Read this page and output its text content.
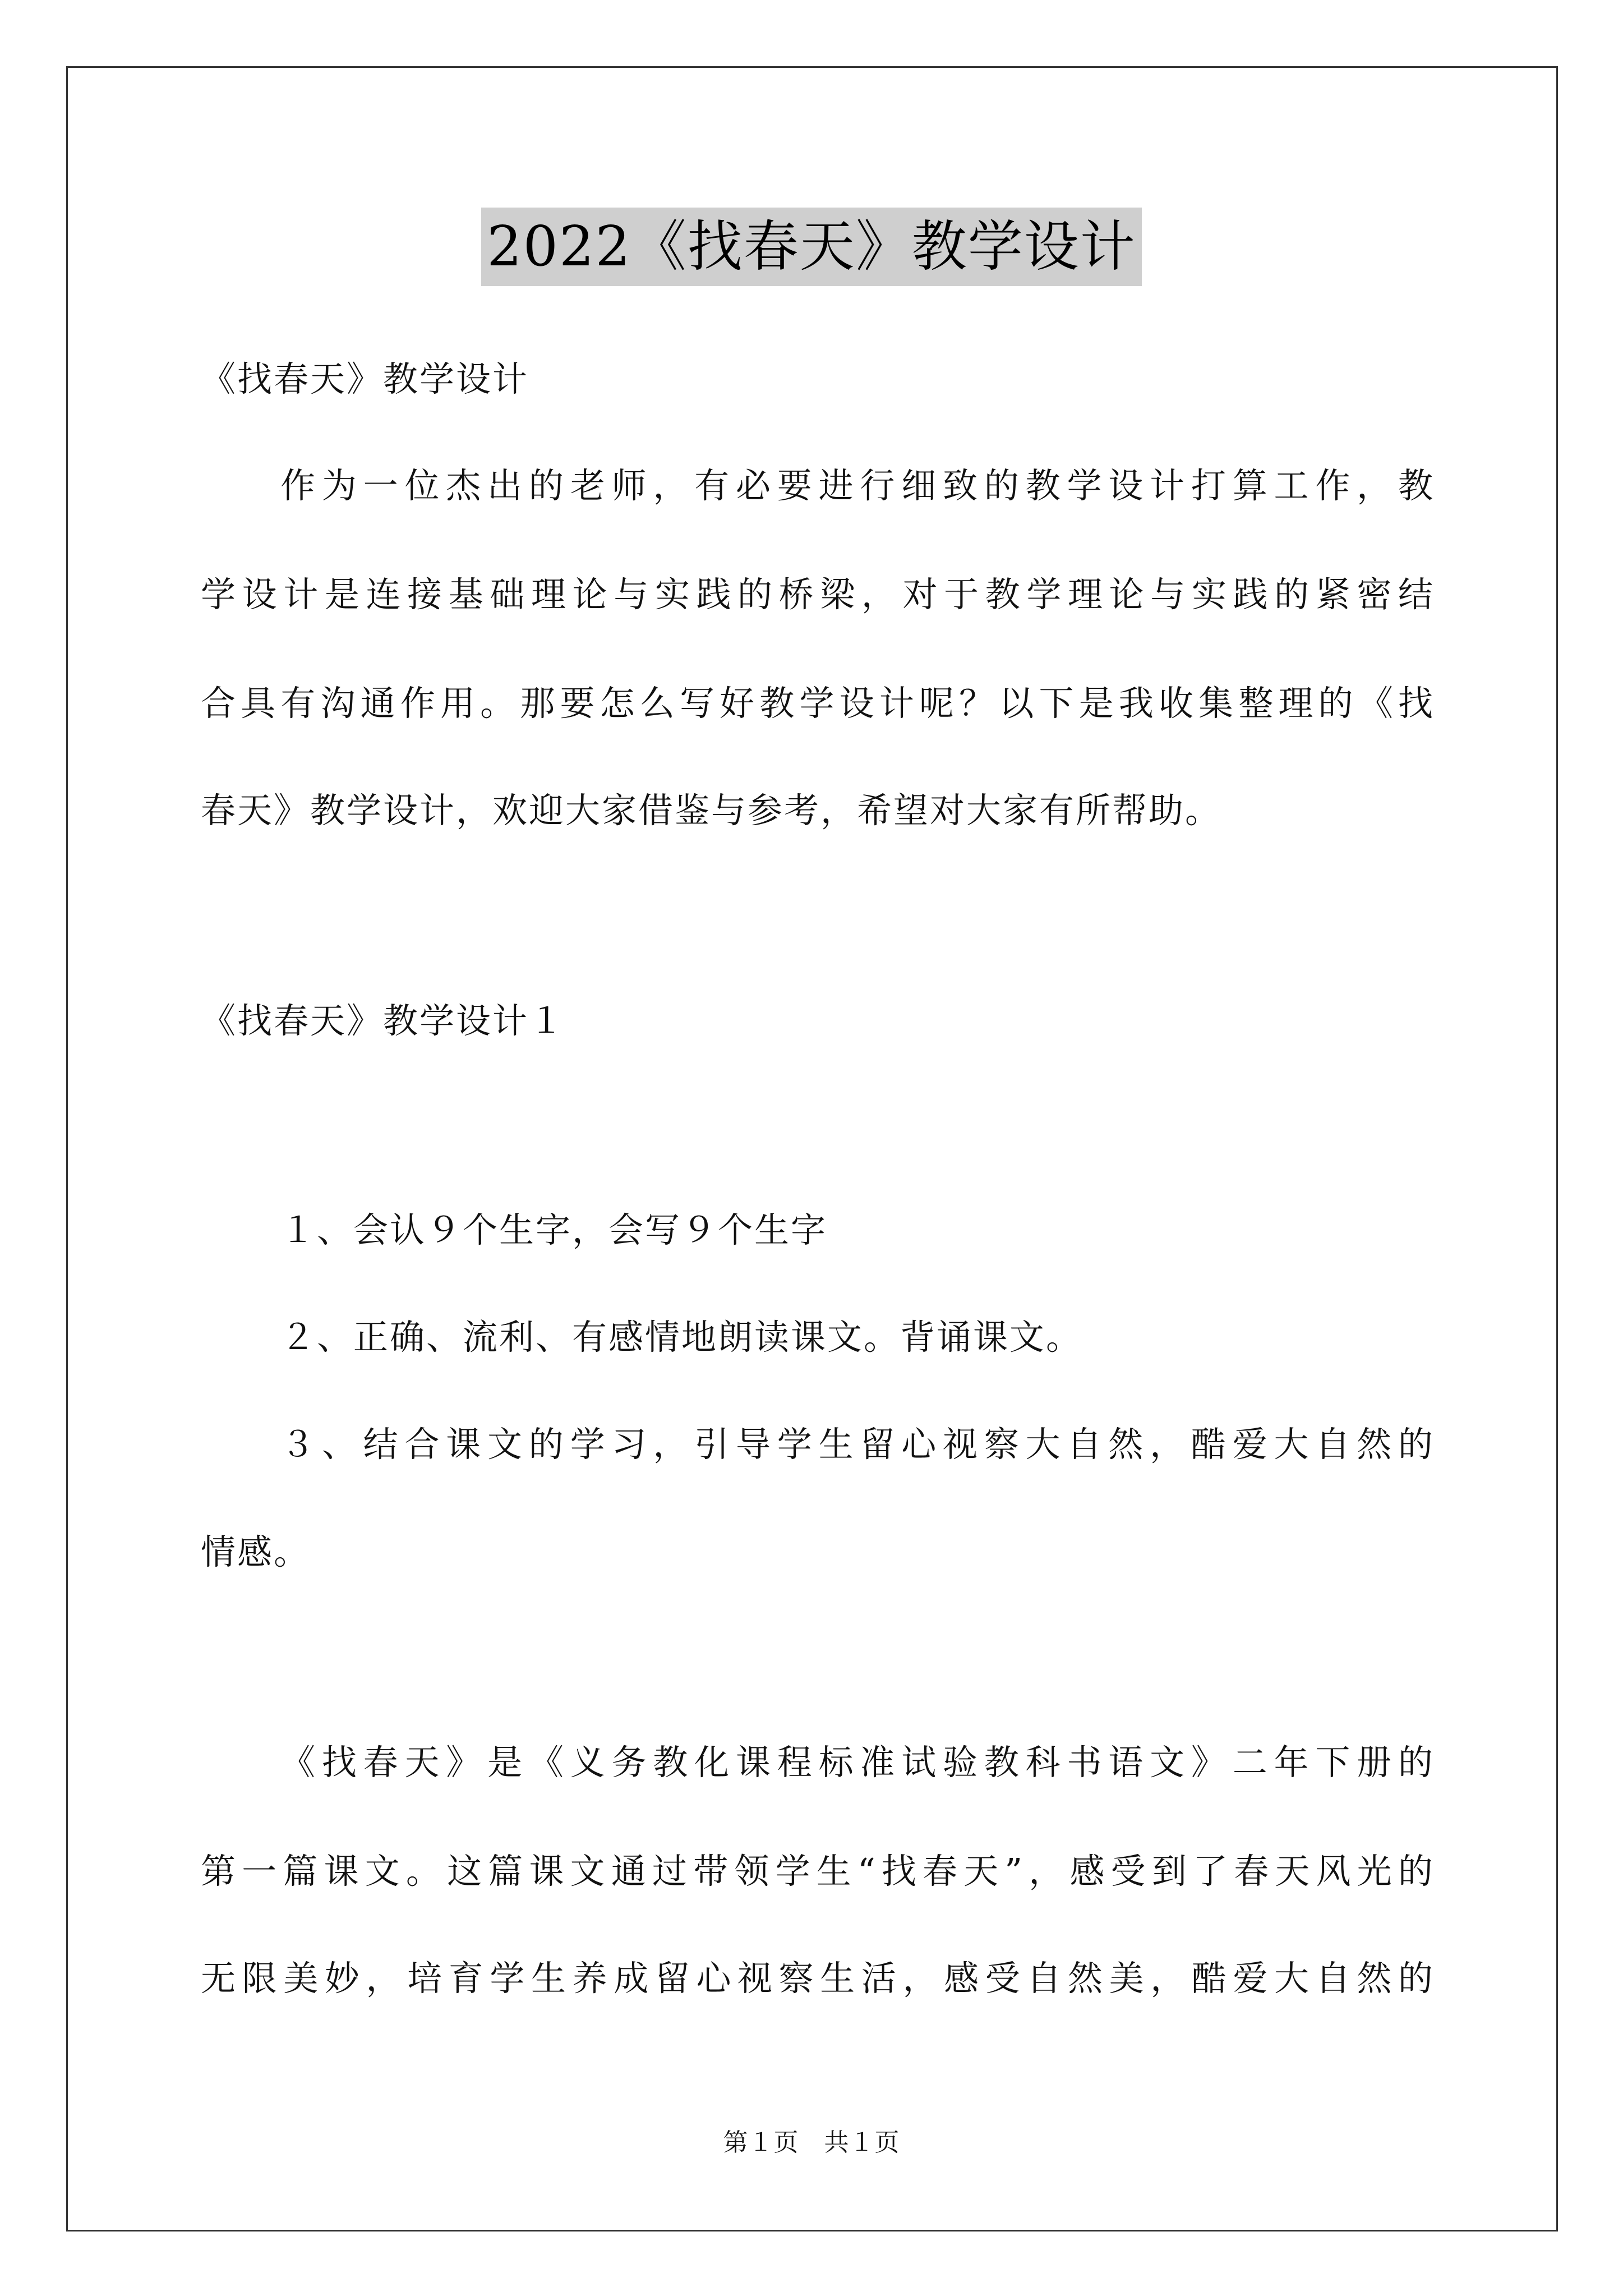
2022《找春天》教学设计
《找春天》教学设计
作为一位杰出的老师，有必要进行细致的教学设计打算工作，教
学设计是连接基础理论与实践的桥梁，对于教学理论与实践的紧密结
合具有沟通作用。那要怎么写好教学设计呢？以下是我收集整理的《找
春天》教学设计，欢迎大家借鉴与参考，希望对大家有所帮助。
《找春天》教学设计１
１、会认９个生字，会写９个生字
２、正确、流利、有感情地朗读课文。背诵课文。
３、结合课文的学习，引导学生留心视察大自然，酷爱大自然的
情感。
《找春天》是《义务教化课程标准试验教科书语文》二年下册的
第一篇课文。这篇课文通过带领学生“找春天”，感受到了春天风光的
无限美妙，培育学生养成留心视察生活，感受自然美，酷爱大自然的
第１页　共１页
